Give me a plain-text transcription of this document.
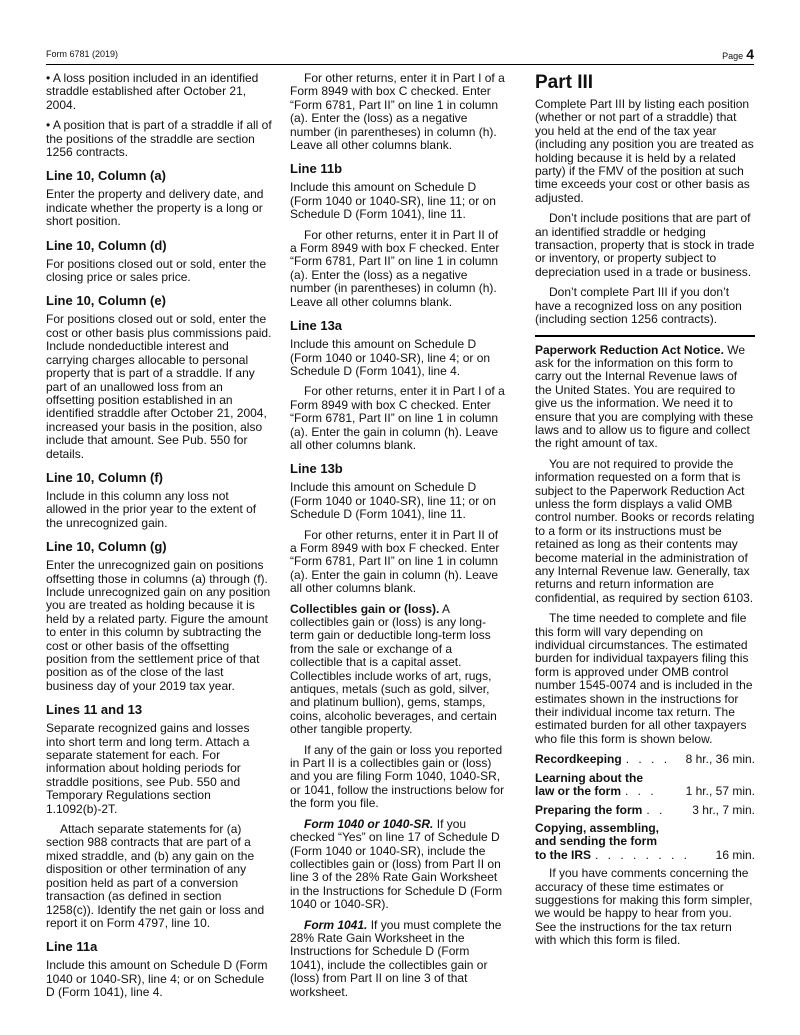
Form 6781 (2019)	Page 4

• A loss position included in an identified straddle established after October 21, 2004.

• A position that is part of a straddle if all of the positions of the straddle are section 1256 contracts.

Line 10, Column (a)

Enter the property and delivery date, and indicate whether the property is a long or short position.

Line 10, Column (d)

For positions closed out or sold, enter the closing price or sales price.

Line 10, Column (e)

For positions closed out or sold, enter the cost or other basis plus commissions paid. Include nondeductible interest and carrying charges allocable to personal property that is part of a straddle. If any part of an unallowed loss from an offsetting position established in an identified straddle after October 21, 2004, increased your basis in the position, also include that amount. See Pub. 550 for details.

Line 10, Column (f)

Include in this column any loss not allowed in the prior year to the extent of the unrecognized gain.

Line 10, Column (g)

Enter the unrecognized gain on positions offsetting those in columns (a) through (f). Include unrecognized gain on any position you are treated as holding because it is held by a related party. Figure the amount to enter in this column by subtracting the cost or other basis of the offsetting position from the settlement price of that position as of the close of the last business day of your 2019 tax year.

Lines 11 and 13

Separate recognized gains and losses into short term and long term. Attach a separate statement for each. For information about holding periods for straddle positions, see Pub. 550 and Temporary Regulations section 1.1092(b)-2T.

Attach separate statements for (a) section 988 contracts that are part of a mixed straddle, and (b) any gain on the disposition or other termination of any position held as part of a conversion transaction (as defined in section 1258(c)). Identify the net gain or loss and report it on Form 4797, line 10.

Line 11a

Include this amount on Schedule D (Form 1040 or 1040-SR), line 4; or on Schedule D (Form 1041), line 4.

For other returns, enter it in Part I of a Form 8949 with box C checked. Enter “Form 6781, Part II” on line 1 in column (a). Enter the (loss) as a negative number (in parentheses) in column (h). Leave all other columns blank.

Line 11b

Include this amount on Schedule D (Form 1040 or 1040-SR), line 11; or on Schedule D (Form 1041), line 11.

For other returns, enter it in Part II of a Form 8949 with box F checked. Enter “Form 6781, Part II” on line 1 in column (a). Enter the (loss) as a negative number (in parentheses) in column (h). Leave all other columns blank.

Line 13a

Include this amount on Schedule D (Form 1040 or 1040-SR), line 4; or on Schedule D (Form 1041), line 4.

For other returns, enter it in Part I of a Form 8949 with box C checked. Enter “Form 6781, Part II” on line 1 in column (a). Enter the gain in column (h). Leave all other columns blank.

Line 13b

Include this amount on Schedule D (Form 1040 or 1040-SR), line 11; or on Schedule D (Form 1041), line 11.

For other returns, enter it in Part II of a Form 8949 with box F checked. Enter “Form 6781, Part II” on line 1 in column (a). Enter the gain in column (h). Leave all other columns blank.

Collectibles gain or (loss). A collectibles gain or (loss) is any long-term gain or deductible long-term loss from the sale or exchange of a collectible that is a capital asset. Collectibles include works of art, rugs, antiques, metals (such as gold, silver, and platinum bullion), gems, stamps, coins, alcoholic beverages, and certain other tangible property.

If any of the gain or loss you reported in Part II is a collectibles gain or (loss) and you are filing Form 1040, 1040-SR, or 1041, follow the instructions below for the form you file.

Form 1040 or 1040-SR. If you checked “Yes” on line 17 of Schedule D (Form 1040 or 1040-SR), include the collectibles gain or (loss) from Part II on line 3 of the 28% Rate Gain Worksheet in the Instructions for Schedule D (Form 1040 or 1040-SR).

Form 1041. If you must complete the 28% Rate Gain Worksheet in the Instructions for Schedule D (Form 1041), include the collectibles gain or (loss) from Part II on line 3 of that worksheet.

Part III

Complete Part III by listing each position (whether or not part of a straddle) that you held at the end of the tax year (including any position you are treated as holding because it is held by a related party) if the FMV of the position at such time exceeds your cost or other basis as adjusted.

Don’t include positions that are part of an identified straddle or hedging transaction, property that is stock in trade or inventory, or property subject to depreciation used in a trade or business.

Don’t complete Part III if you don’t have a recognized loss on any position (including section 1256 contracts).

Paperwork Reduction Act Notice. We ask for the information on this form to carry out the Internal Revenue laws of the United States. You are required to give us the information. We need it to ensure that you are complying with these laws and to allow us to figure and collect the right amount of tax.

You are not required to provide the information requested on a form that is subject to the Paperwork Reduction Act unless the form displays a valid OMB control number. Books or records relating to a form or its instructions must be retained as long as their contents may become material in the administration of any Internal Revenue law. Generally, tax returns and return information are confidential, as required by section 6103.

The time needed to complete and file this form will vary depending on individual circumstances. The estimated burden for individual taxpayers filing this form is approved under OMB control number 1545-0074 and is included in the estimates shown in the instructions for their individual income tax return. The estimated burden for all other taxpayers who file this form is shown below.

Recordkeeping . . . .	8 hr., 36 min.
Learning about the
law or the form . . .	1 hr., 57 min.
Preparing the form . .	3 hr., 7 min.
Copying, assembling,
and sending the form
to the IRS . . . . . . . .	16 min.

If you have comments concerning the accuracy of these time estimates or suggestions for making this form simpler, we would be happy to hear from you. See the instructions for the tax return with which this form is filed.
